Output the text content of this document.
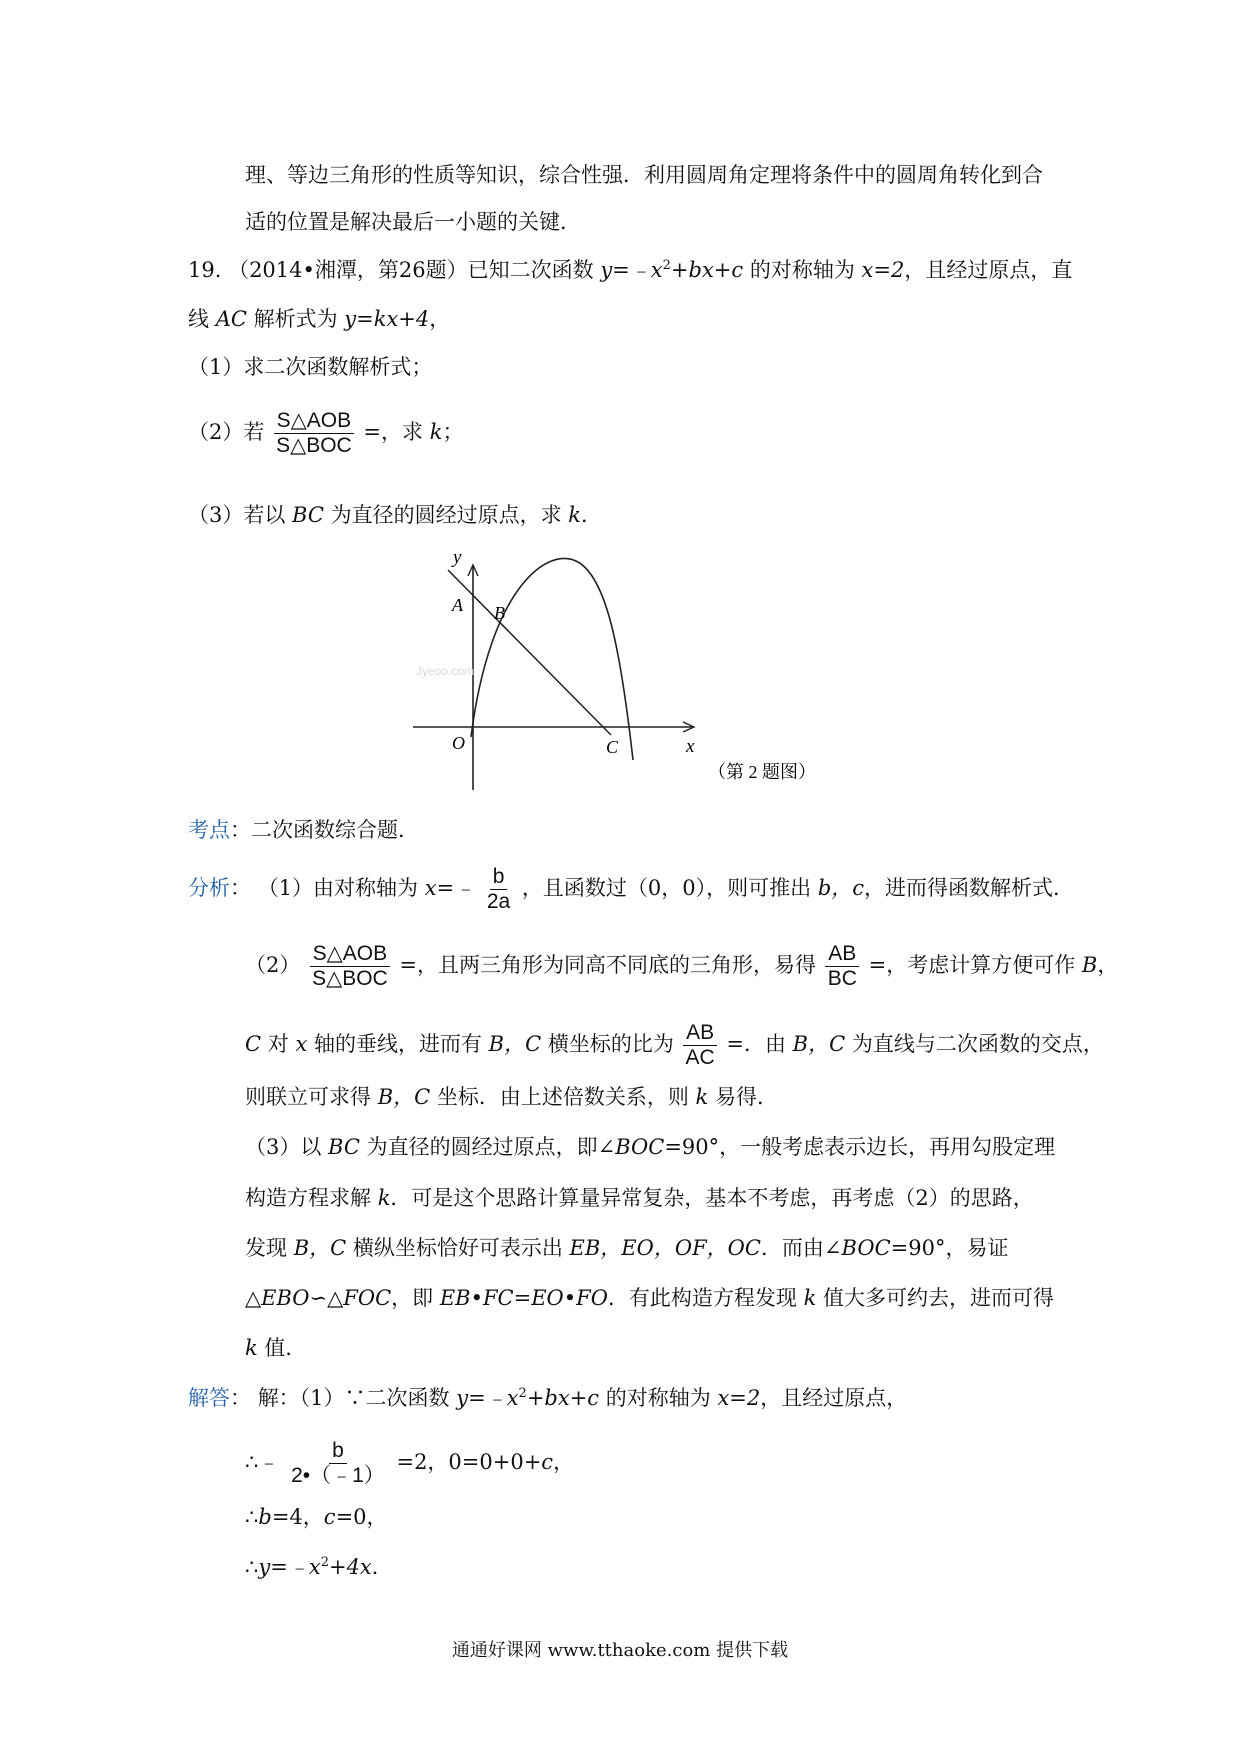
理、等边三角形的性质等知识，综合性强．利用圆周角定理将条件中的圆周角转化到合
适的位置是解决最后一小题的关键．
19. （2014•湘潭，第26题）已知二次函数 $y=﹣x^2+bx+c$ 的对称轴为 x=2，且经过原点，直
线 AC 解析式为 y=kx+4，
（1）求二次函数解析式；
（2）若 $\frac{\text{S△AOB}}{\text{S△BOC}}$ =，求 k；
（3）若以 BC 为直径的圆经过原点，求 k．
y
x
A B
O	C
Jyeoo.com
（第 2 题图）
考点：二次函数综合题．
分析： （1）由对称轴为 x=﹣ $\frac{b}{2a}$ ，且函数过（0，0），则可推出 b，c，进而得函数解析式．
$(2) \frac{\text{S△AOB}}{\text{S△BOC}}$ =，且两三角形为同高不同底的三角形，易得 $\frac{AB}{BC}$ =，考虑计算方便可作 B，
C 对 x 轴的垂线，进而有 B，C 横坐标的比为 $\frac{AB}{AC}$ =．由 B，C 为直线与二次函数的交点，
则联立可求得 B，C 坐标．由上述倍数关系，则 k 易得．
（3）以 BC 为直径的圆经过原点，即∠BOC=90°，一般考虑表示边长，再用勾股定理
构造方程求解 k．可是这个思路计算量异常复杂，基本不考虑，再考虑（2）的思路，
发现 B，C 横纵坐标恰好可表示出 EB，EO，OF，OC．而由∠BOC=90°，易证
△EBO∽△FOC，即 EB•FC=EO•FO．有此构造方程发现 k 值大多可约去，进而可得
k 值．
解答： 解：（1）∵二次函数 $y=﹣x^2+bx+c$ 的对称轴为 x=2，且经过原点，
∴﹣ $\frac{b}{2•(﹣1)} =2$，0=0+0+c，
∴b=4，c=0，
$\therefore y=﹣x^2+4x$．
通通好课网 www.tthaoke.com 提供下载
